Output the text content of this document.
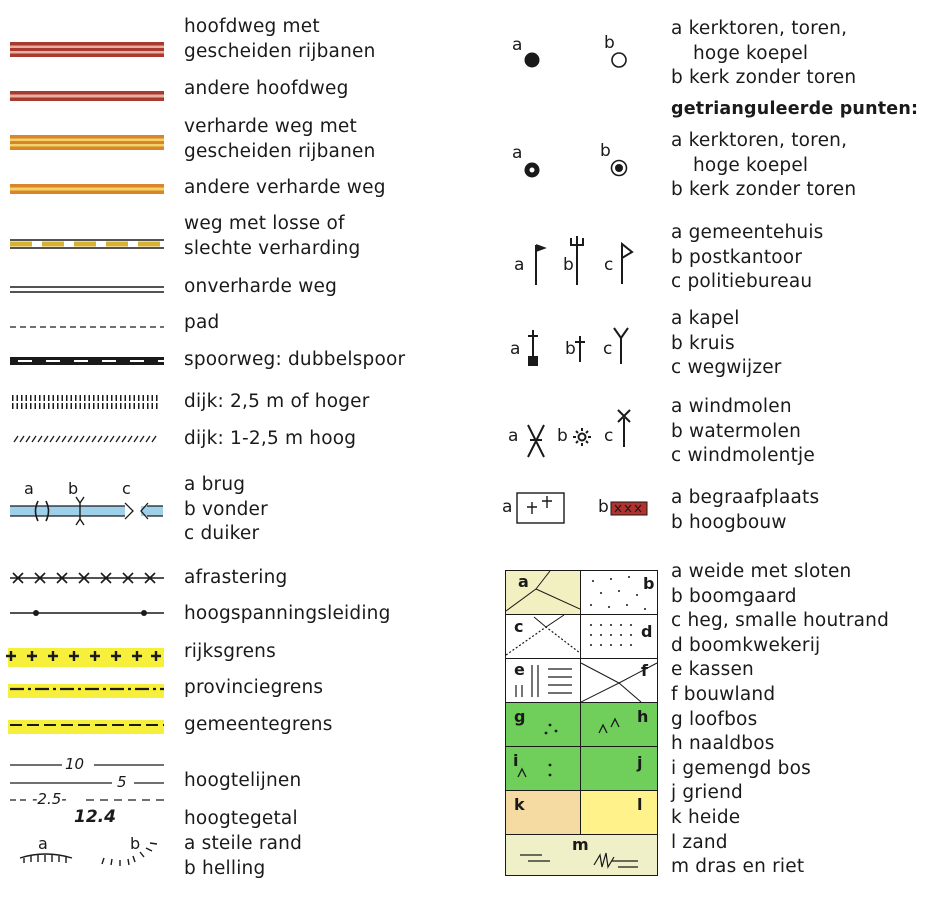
10
5
-2.5-
12.4
a b	c
a	b
hoofdweg met
gescheiden rijbanen
andere hoofdweg
verharde weg met
gescheiden rijbanen
andere verharde weg
weg met losse of
slechte verharding
onverharde weg
pad
spoorweg: dubbelspoor
dijk: 2,5 m of hoger
dijk: 1-2,5 m hoog
a brug
b vonder
c duiker
afrastering
hoogspanningsleiding
rijksgrens
provinciegrens
gemeentegrens
hoogtelijnen
hoogtegetal
a steile rand
b helling
a	b
a	b
a b c
a	b c
a b c
a	b
a	b
c	d
e	f
g	h
i	j
k	l
m
a kerktoren, toren,
hoge koepel
b kerk zonder toren
getrianguleerde punten:
a kerktoren, toren,
hoge koepel
b kerk zonder toren
a gemeentehuis
b postkantoor
c politiebureau
a kapel
b kruis
c wegwijzer
a windmolen
b watermolen
c windmolentje
a begraafplaats
b hoogbouw
a weide met sloten
b boomgaard
c heg, smalle houtrand
d boomkwekerij
e kassen
f bouwland
g loofbos
h naaldbos
i gemengd bos
j griend
k heide
l zand
m dras en riet
